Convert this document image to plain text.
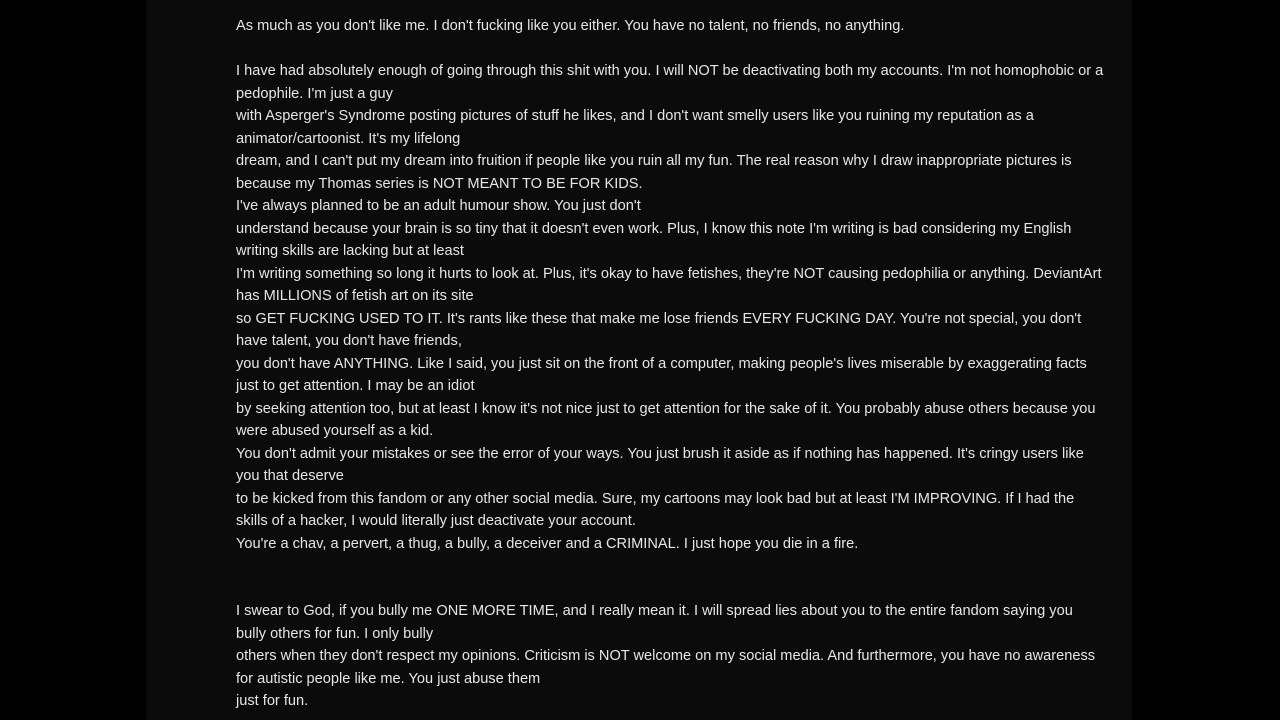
As much as you don't like me. I don't fucking like you either. You have no talent, no friends, no anything.

I have had absolutely enough of going through this shit with you. I will NOT be deactivating both my accounts. I'm not homophobic or a pedophile. I'm just a guy

with Asperger's Syndrome posting pictures of stuff he likes, and I don't want smelly users like you ruining my reputation as a animator/cartoonist. It's my lifelong

dream, and I can't put my dream into fruition if people like you ruin all my fun. The real reason why I draw inappropriate pictures is because my Thomas series is NOT MEANT TO BE FOR KIDS.

I've always planned to be an adult humour show. You just don't

understand because your brain is so tiny that it doesn't even work. Plus, I know this note I'm writing is bad considering my English writing skills are lacking but at least

I'm writing something so long it hurts to look at. Plus, it's okay to have fetishes, they're NOT causing pedophilia or anything. DeviantArt has MILLIONS of fetish art on its site

so GET FUCKING USED TO IT. It's rants like these that make me lose friends EVERY FUCKING DAY. You're not special, you don't have talent, you don't have friends,

you don't have ANYTHING. Like I said, you just sit on the front of a computer, making people's lives miserable by exaggerating facts just to get attention. I may be an idiot

by seeking attention too, but at least I know it's not nice just to get attention for the sake of it. You probably abuse others because you were abused yourself as a kid.

You don't admit your mistakes or see the error of your ways. You just brush it aside as if nothing has happened. It's cringy users like you that deserve

to be kicked from this fandom or any other social media. Sure, my cartoons may look bad but at least I'M IMPROVING. If I had the skills of a hacker, I would literally just deactivate your account.

You're a chav, a pervert, a thug, a bully, a deceiver and a CRIMINAL. I just hope you die in a fire.

I swear to God, if you bully me ONE MORE TIME, and I really mean it. I will spread lies about you to the entire fandom saying you bully others for fun. I only bully

others when they don't respect my opinions. Criticism is NOT welcome on my social media. And furthermore, you have no awareness for autistic people like me. You just abuse them

just for fun.
